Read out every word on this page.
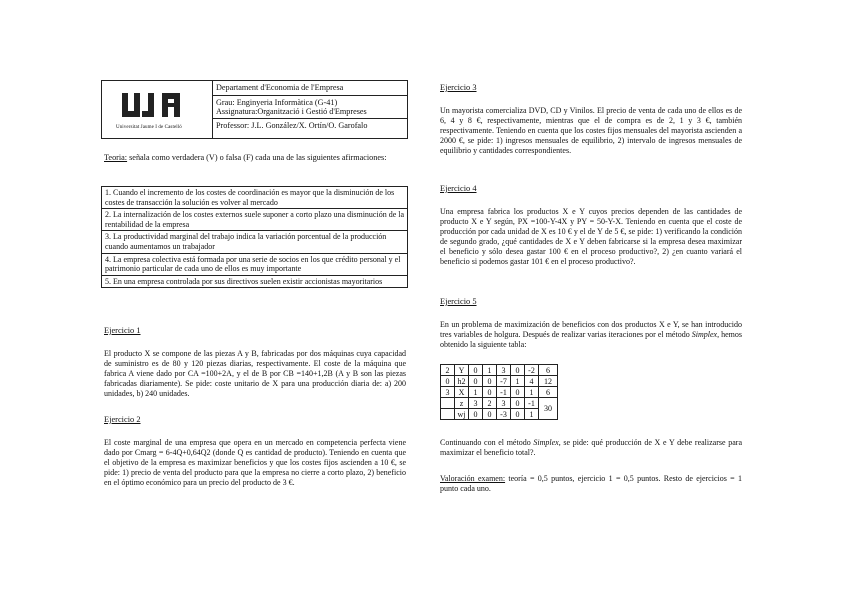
Universitat Jaume I de Castelló
Departament d'Economia de l'Empresa
Grau: Enginyeria Informàtica (G-41)
Assignatura:Organització i Gestió d'Empreses
Professor: J.L. González/X. Ortín/O. Garofalo
Teoria: señala como verdadera (V) o falsa (F) cada una de las siguientes afirmaciones:
1. Cuando el incremento de los costes de coordinación es mayor que la disminución de los costes de transacción la solución es volver al mercado
2. La internalización de los costes externos suele suponer a corto plazo una disminución de la rentabilidad de la empresa
3. La productividad marginal del trabajo indica la variación porcentual de la producción cuando aumentamos un trabajador
4. La empresa colectiva está formada por una serie de socios en los que crédito personal y el patrimonio particular de cada uno de ellos es muy importante
5. En una empresa controlada por sus directivos suelen existir accionistas mayoritarios
Ejercicio 1
El producto X se compone de las piezas A y B, fabricadas por dos máquinas cuya capacidad de suministro es de 80 y 120 piezas diarias, respectivamente. El coste de la máquina que fabrica A viene dado por CA =100+2A, y el de B por CB =140+1,2B (A y B son las piezas fabricadas diariamente). Se pide: coste unitario de X para una producción diaria de: a) 200 unidades, b) 240 unidades.
Ejercicio 2
El coste marginal de una empresa que opera en un mercado en competencia perfecta viene dado por Cmarg = 6-4Q+0,64Q2 (donde Q es cantidad de producto). Teniendo en cuenta que el objetivo de la empresa es maximizar beneficios y que los costes fijos ascienden a 10 €, se pide: 1) precio de venta del producto para que la empresa no cierre a corto plazo, 2) beneficio en el óptimo económico para un precio del producto de 3 €.
Ejercicio 3
Un mayorista comercializa DVD, CD y Vinilos. El precio de venta de cada uno de ellos es de 6, 4 y 8 €, respectivamente, mientras que el de compra es de 2, 1 y 3 €, también respectivamente. Teniendo en cuenta que los costes fijos mensuales del mayorista ascienden a 2000 €, se pide: 1) ingresos mensuales de equilibrio, 2) intervalo de ingresos mensuales de equilibrio y cantidades correspondientes.
Ejercicio 4
Una empresa fabrica los productos X e Y cuyos precios dependen de las cantidades de producto X e Y según, PX =100-Y-4X y PY = 50-Y-X. Teniendo en cuenta que el coste de producción por cada unidad de X es 10 € y el de Y de 5 €, se pide: 1) verificando la condición de segundo grado, ¿qué cantidades de X e Y deben fabricarse si la empresa desea maximizar el beneficio y sólo desea gastar 100 € en el proceso productivo?, 2) ¿en cuanto variará el beneficio si podemos gastar 101 € en el proceso productivo?.
Ejercicio 5
En un problema de maximización de beneficios con dos productos X e Y, se han introducido tres variables de holgura. Después de realizar varias iteraciones por el método Simplex, hemos obtenido la siguiente tabla:
2	Y	0	1	3	0	-2	6
0	h2	0	0	-7	1	4	12
3	X	1	0	-1	0	1	6
	z	3	2	3	0	-1	30
	wj	0	0	-3	0	1	
Continuando con el método Simplex, se pide: qué producción de X e Y debe realizarse para maximizar el beneficio total?.
Valoración examen: teoría = 0,5 puntos, ejercicio 1 = 0,5 puntos. Resto de ejercicios = 1 punto cada uno.
